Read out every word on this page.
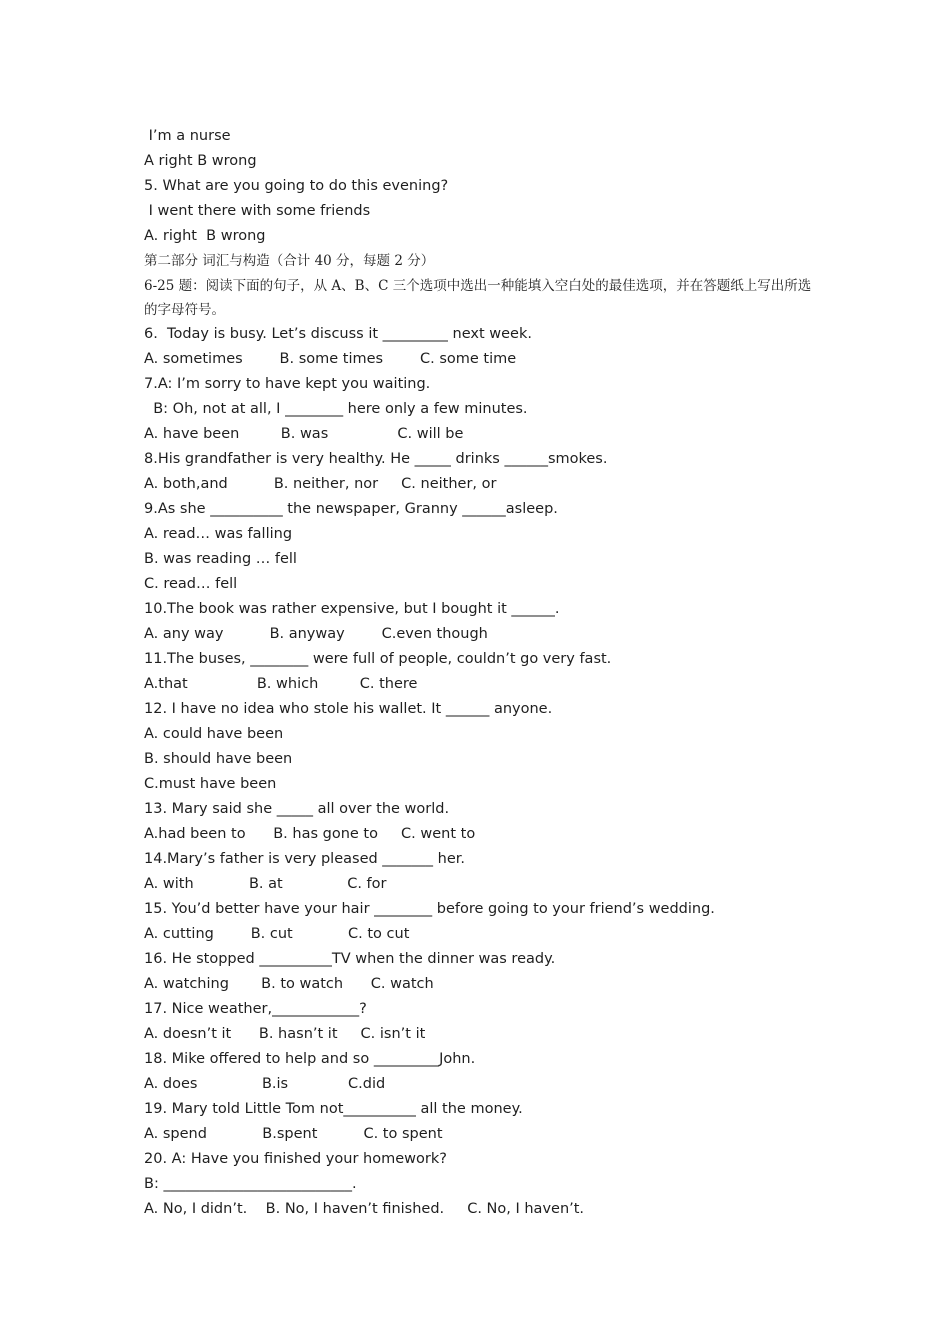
I’m a nurse

A right B wrong

5. What are you going to do this evening?

I went there with some friends

A. right  B wrong

第二部分 词汇与构造（合计 40 分，每题 2 分）

6-25 题：阅读下面的句子，从 A、B、C 三个选项中选出一种能填入空白处的最佳选项，并在答题纸上写出所选的字母符号。

6.  Today is busy. Let’s discuss it _________ next week.

A. sometimes        B. some times        C. some time

7.A: I’m sorry to have kept you waiting.

B: Oh, not at all, I ________ here only a few minutes.

A. have been         B. was               C. will be

8.His grandfather is very healthy. He _____ drinks ______smokes.

A. both,and          B. neither, nor     C. neither, or

9.As she __________ the newspaper, Granny ______asleep.

A. read… was falling

B. was reading … fell

C. read… fell

10.The book was rather expensive, but I bought it ______.

A. any way          B. anyway        C.even though

11.The buses, ________ were full of people, couldn’t go very fast.

A.that               B. which         C. there

12. I have no idea who stole his wallet. It ______ anyone.

A. could have been

B. should have been

C.must have been

13. Mary said she _____ all over the world.

A.had been to      B. has gone to     C. went to

14.Mary’s father is very pleased _______ her.

A. with            B. at              C. for

15. You’d better have your hair ________ before going to your friend’s wedding.

A. cutting        B. cut            C. to cut

16. He stopped __________TV when the dinner was ready.

A. watching       B. to watch      C. watch

17. Nice weather,____________?

A. doesn’t it      B. hasn’t it     C. isn’t it

18. Mike offered to help and so _________John.

A. does              B.is             C.did

19. Mary told Little Tom not__________ all the money.

A. spend            B.spent          C. to spent

20. A: Have you finished your homework?

B: __________________________.

A. No, I didn’t.    B. No, I haven’t finished.     C. No, I haven’t.
